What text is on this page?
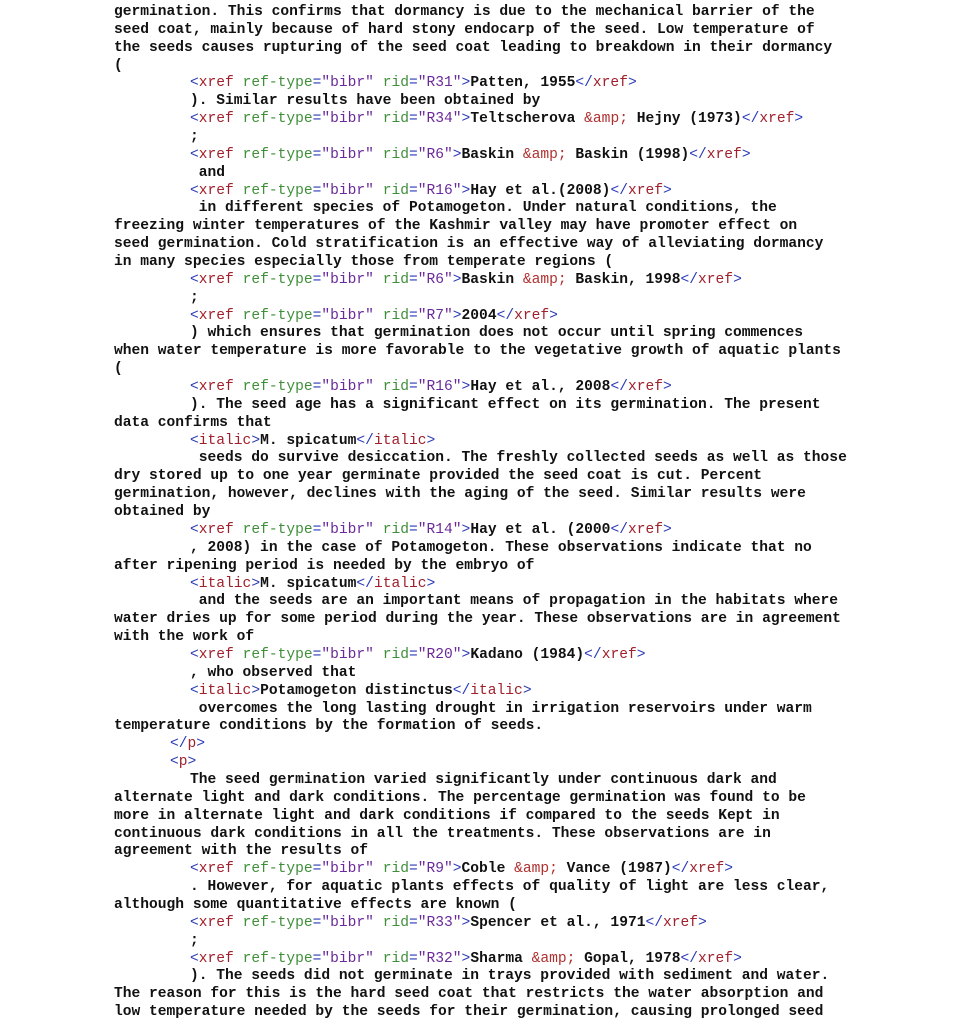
germination. This confirms that dormancy is due to the mechanical barrier of the
seed coat, mainly because of hard stony endocarp of the seed. Low temperature of
the seeds causes rupturing of the seed coat leading to breakdown in their dormancy
(
<xref ref-type="bibr" rid="R31">Patten, 1955</xref>
). Similar results have been obtained by
<xref ref-type="bibr" rid="R34">Teltscherova &amp; Hejny (1973)</xref>
;
<xref ref-type="bibr" rid="R6">Baskin &amp; Baskin (1998)</xref>
and
<xref ref-type="bibr" rid="R16">Hay et al.(2008)</xref>
in different species of Potamogeton. Under natural conditions, the
freezing winter temperatures of the Kashmir valley may have promoter effect on
seed germination. Cold stratification is an effective way of alleviating dormancy
in many species especially those from temperate regions (
<xref ref-type="bibr" rid="R6">Baskin &amp; Baskin, 1998</xref>
;
<xref ref-type="bibr" rid="R7">2004</xref>
) which ensures that germination does not occur until spring commences
when water temperature is more favorable to the vegetative growth of aquatic plants
(
<xref ref-type="bibr" rid="R16">Hay et al., 2008</xref>
). The seed age has a significant effect on its germination. The present
data confirms that
<italic>M. spicatum</italic>
seeds do survive desiccation. The freshly collected seeds as well as those
dry stored up to one year germinate provided the seed coat is cut. Percent
germination, however, declines with the aging of the seed. Similar results were
obtained by
<xref ref-type="bibr" rid="R14">Hay et al. (2000</xref>
, 2008) in the case of Potamogeton. These observations indicate that no
after ripening period is needed by the embryo of
<italic>M. spicatum</italic>
and the seeds are an important means of propagation in the habitats where
water dries up for some period during the year. These observations are in agreement
with the work of
<xref ref-type="bibr" rid="R20">Kadano (1984)</xref>
, who observed that
<italic>Potamogeton distinctus</italic>
overcomes the long lasting drought in irrigation reservoirs under warm
temperature conditions by the formation of seeds.
</p>
<p>
The seed germination varied significantly under continuous dark and
alternate light and dark conditions. The percentage germination was found to be
more in alternate light and dark conditions if compared to the seeds Kept in
continuous dark conditions in all the treatments. These observations are in
agreement with the results of
<xref ref-type="bibr" rid="R9">Coble &amp; Vance (1987)</xref>
. However, for aquatic plants effects of quality of light are less clear,
although some quantitative effects are known (
<xref ref-type="bibr" rid="R33">Spencer et al., 1971</xref>
;
<xref ref-type="bibr" rid="R32">Sharma &amp; Gopal, 1978</xref>
). The seeds did not germinate in trays provided with sediment and water.
The reason for this is the hard seed coat that restricts the water absorption and
low temperature needed by the seeds for their germination, causing prolonged seed
